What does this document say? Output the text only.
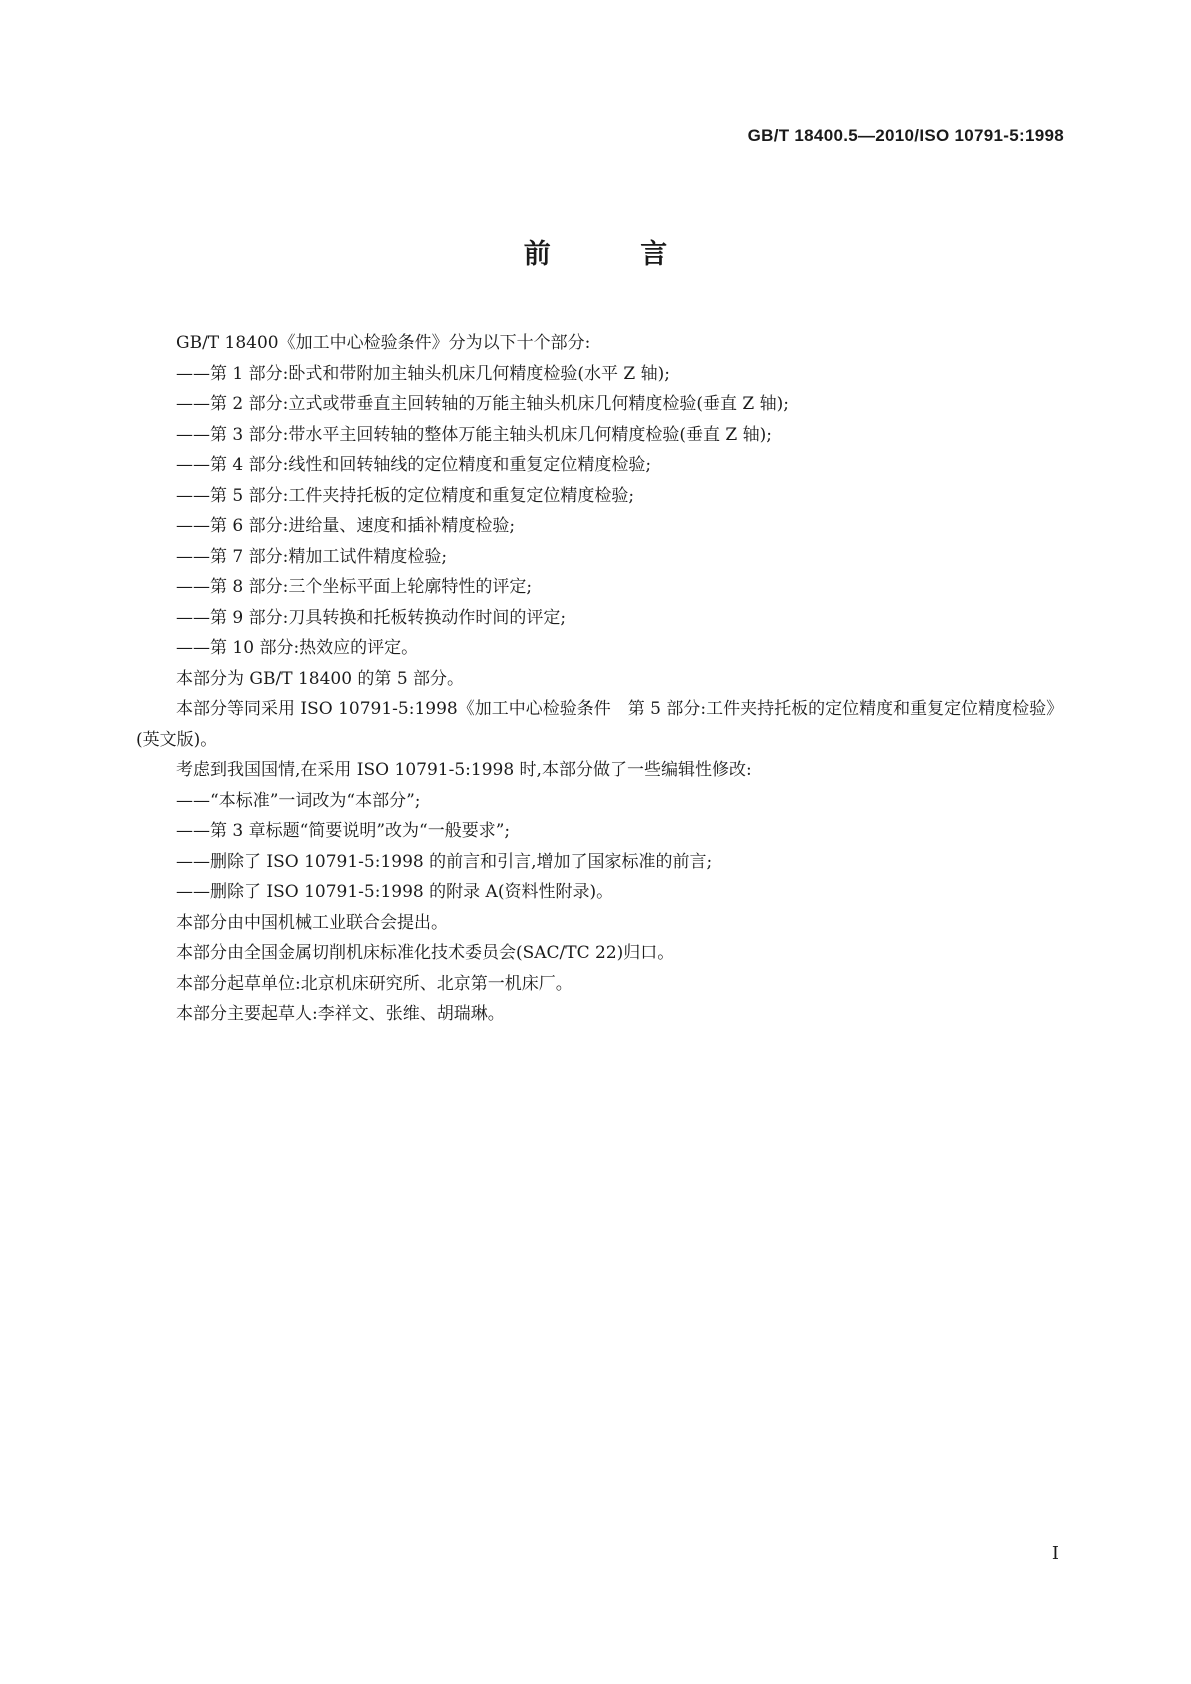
GB/T 18400.5—2010/ISO 10791-5:1998
前 言

GB/T 18400《加工中心检验条件》分为以下十个部分:

——第 1 部分:卧式和带附加主轴头机床几何精度检验(水平 Z 轴);

——第 2 部分:立式或带垂直主回转轴的万能主轴头机床几何精度检验(垂直 Z 轴);

——第 3 部分:带水平主回转轴的整体万能主轴头机床几何精度检验(垂直 Z 轴);

——第 4 部分:线性和回转轴线的定位精度和重复定位精度检验;

——第 5 部分:工件夹持托板的定位精度和重复定位精度检验;

——第 6 部分:进给量、速度和插补精度检验;

——第 7 部分:精加工试件精度检验;

——第 8 部分:三个坐标平面上轮廓特性的评定;

——第 9 部分:刀具转换和托板转换动作时间的评定;

——第 10 部分:热效应的评定。

本部分为 GB/T 18400 的第 5 部分。

本部分等同采用 ISO 10791-5:1998《加工中心检验条件　第 5 部分:工件夹持托板的定位精度和重复定位精度检验》(英文版)。

考虑到我国国情,在采用 ISO 10791-5:1998 时,本部分做了一些编辑性修改:

——“本标准”一词改为“本部分”;

——第 3 章标题“简要说明”改为“一般要求”;

——删除了 ISO 10791-5:1998 的前言和引言,增加了国家标准的前言;

——删除了 ISO 10791-5:1998 的附录 A(资料性附录)。

本部分由中国机械工业联合会提出。

本部分由全国金属切削机床标准化技术委员会(SAC/TC 22)归口。

本部分起草单位:北京机床研究所、北京第一机床厂。

本部分主要起草人:李祥文、张维、胡瑞琳。

I
